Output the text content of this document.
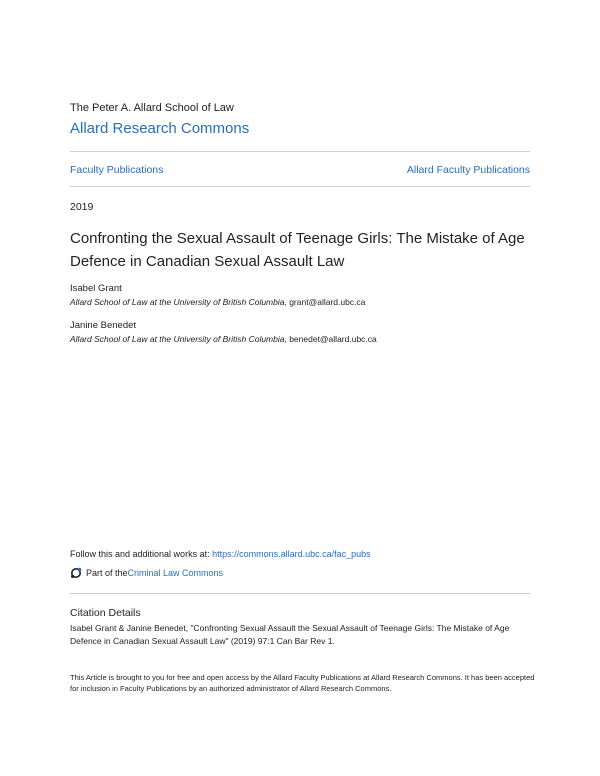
The Peter A. Allard School of Law
Allard Research Commons
Faculty Publications	Allard Faculty Publications
2019
Confronting the Sexual Assault of Teenage Girls: The Mistake of Age Defence in Canadian Sexual Assault Law
Isabel Grant
Allard School of Law at the University of British Columbia, grant@allard.ubc.ca
Janine Benedet
Allard School of Law at the University of British Columbia, benedet@allard.ubc.ca
Follow this and additional works at: https://commons.allard.ubc.ca/fac_pubs
Part of the Criminal Law Commons
Citation Details
Isabel Grant & Janine Benedet, "Confronting Sexual Assault the Sexual Assault of Teenage Girls: The Mistake of Age Defence in Canadian Sexual Assault Law" (2019) 97:1 Can Bar Rev 1.
This Article is brought to you for free and open access by the Allard Faculty Publications at Allard Research Commons. It has been accepted for inclusion in Faculty Publications by an authorized administrator of Allard Research Commons.
